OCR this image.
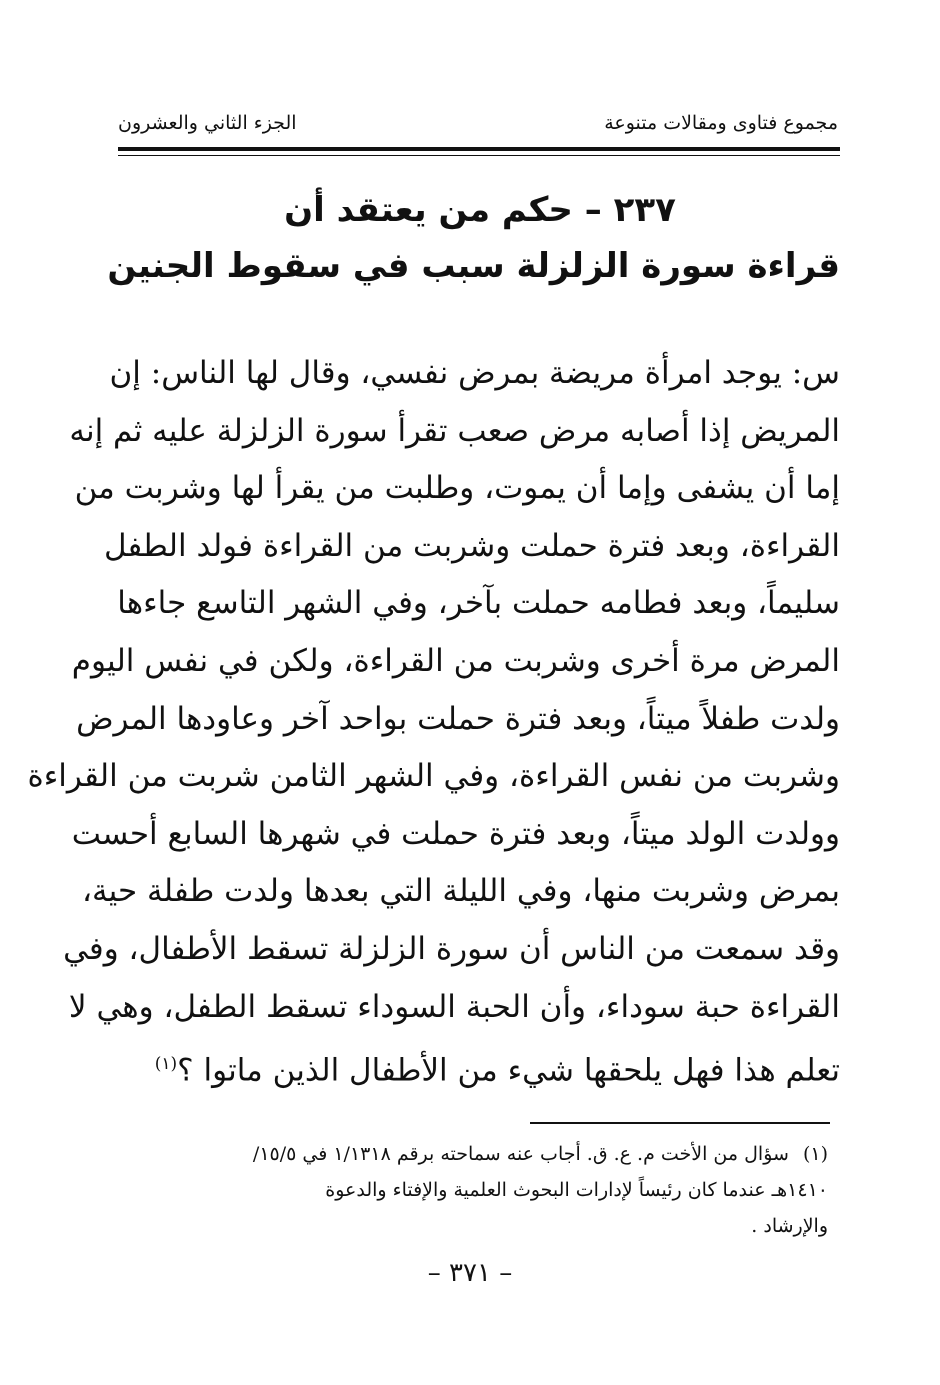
مجموع فتاوى ومقالات متنوعة
الجزء الثاني والعشرون
٢٣٧ – حكم من يعتقد أن
قراءة سورة الزلزلة سبب في سقوط الجنين
س: يوجد امرأة مريضة بمرض نفسي، وقال لها الناس: إن
المريض إذا أصابه مرض صعب تقرأ سورة الزلزلة عليه ثم إنه
إما أن يشفى وإما أن يموت، وطلبت من يقرأ لها وشربت من
القراءة، وبعد فترة حملت وشربت من القراءة فولد الطفل
سليماً، وبعد فطامه حملت بآخر، وفي الشهر التاسع جاءها
المرض مرة أخرى وشربت من القراءة، ولكن في نفس اليوم
ولدت طفلاً ميتاً، وبعد فترة حملت بواحد آخر وعاودها المرض
وشربت من نفس القراءة، وفي الشهر الثامن شربت من القراءة
وولدت الولد ميتاً، وبعد فترة حملت في شهرها السابع أحست
بمرض وشربت منها، وفي الليلة التي بعدها ولدت طفلة حية،
وقد سمعت من الناس أن سورة الزلزلة تسقط الأطفال، وفي
القراءة حبة سوداء، وأن الحبة السوداء تسقط الطفل، وهي لا
تعلم هذا فهل يلحقها شيء من الأطفال الذين ماتوا ؟$^{(١)}$
(١)سؤال من الأخت م. ع. ق. أجاب عنه سماحته برقم ١/١٣١٨ في ١٥/٥/
١٤١٠هـ عندما كان رئيساً لإدارات البحوث العلمية والإفتاء والدعوة
والإرشاد .
– ٣٧١ –
